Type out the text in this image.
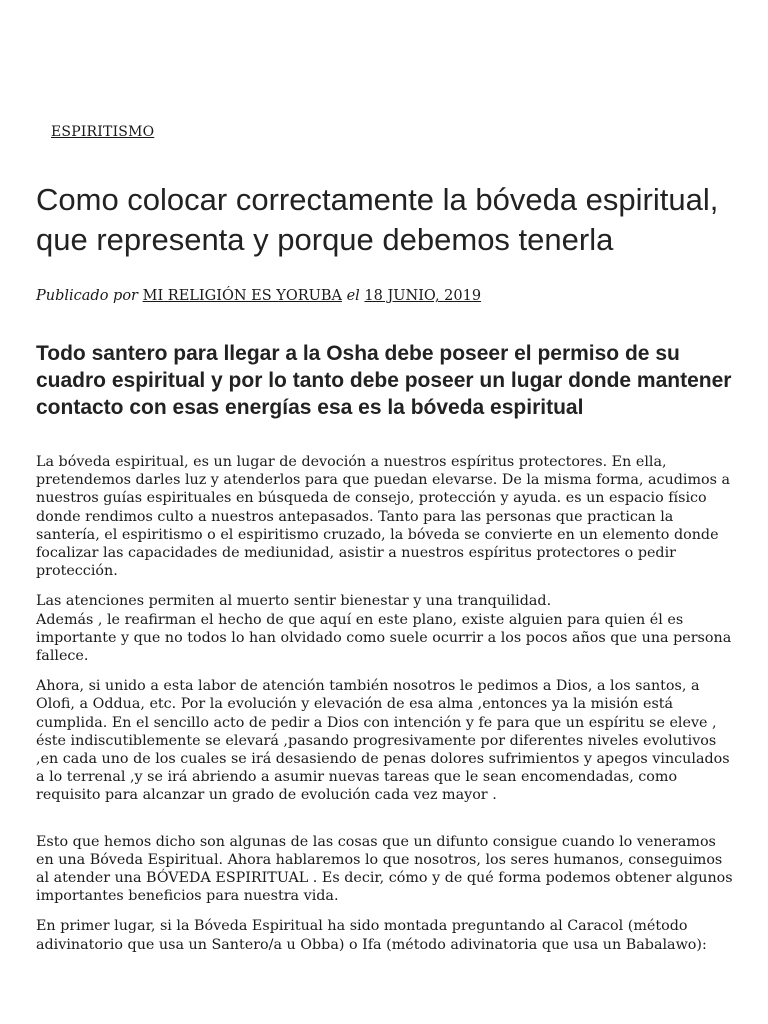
ESPIRITISMO
Como colocar correctamente la bóveda espiritual, que representa y porque debemos tenerla
Publicado por MI RELIGIÓN ES YORUBA el 18 JUNIO, 2019
Todo santero para llegar a la Osha debe poseer el permiso de su cuadro espiritual y por lo tanto debe poseer un lugar donde mantener contacto con esas energías esa es la bóveda espiritual

La bóveda espiritual, es un lugar de devoción a nuestros espíritus protectores. En ella, pretendemos darles luz y atenderlos para que puedan elevarse. De la misma forma, acudimos a nuestros guías espirituales en búsqueda de consejo, protección y ayuda. es un espacio físico donde rendimos culto a nuestros antepasados. Tanto para las personas que practican la santería, el espiritismo o el espiritismo cruzado, la bóveda se convierte en un elemento donde focalizar las capacidades de mediunidad, asistir a nuestros espíritus protectores o pedir protección.

Las atenciones permiten al muerto sentir bienestar y una tranquilidad.
Además , le reafirman el hecho de que aquí en este plano, existe alguien para quien él es importante y que no todos lo han olvidado como suele ocurrir a los pocos años que una persona fallece.

Ahora, si unido a esta labor de atención también nosotros le pedimos a Dios, a los santos, a Olofi, a Oddua, etc. Por la evolución y elevación de esa alma ,entonces ya la misión está cumplida. En el sencillo acto de pedir a Dios con intención y fe para que un espíritu se eleve , éste indiscutiblemente se elevará ,pasando progresivamente por diferentes niveles evolutivos ,en cada uno de los cuales se irá desasiendo de penas dolores sufrimientos y apegos vinculados a lo terrenal ,y se irá abriendo a asumir nuevas tareas que le sean encomendadas, como requisito para alcanzar un grado de evolución cada vez mayor .

Esto que hemos dicho son algunas de las cosas que un difunto consigue cuando lo veneramos en una Bóveda Espiritual. Ahora hablaremos lo que nosotros, los seres humanos, conseguimos al atender una BÓVEDA ESPIRITUAL . Es decir, cómo y de qué forma podemos obtener algunos importantes beneficios para nuestra vida.

En primer lugar, si la Bóveda Espiritual ha sido montada preguntando al Caracol (método adivinatorio que usa un Santero/a u Obba) o Ifa (método adivinatoria que usa un Babalawo):
